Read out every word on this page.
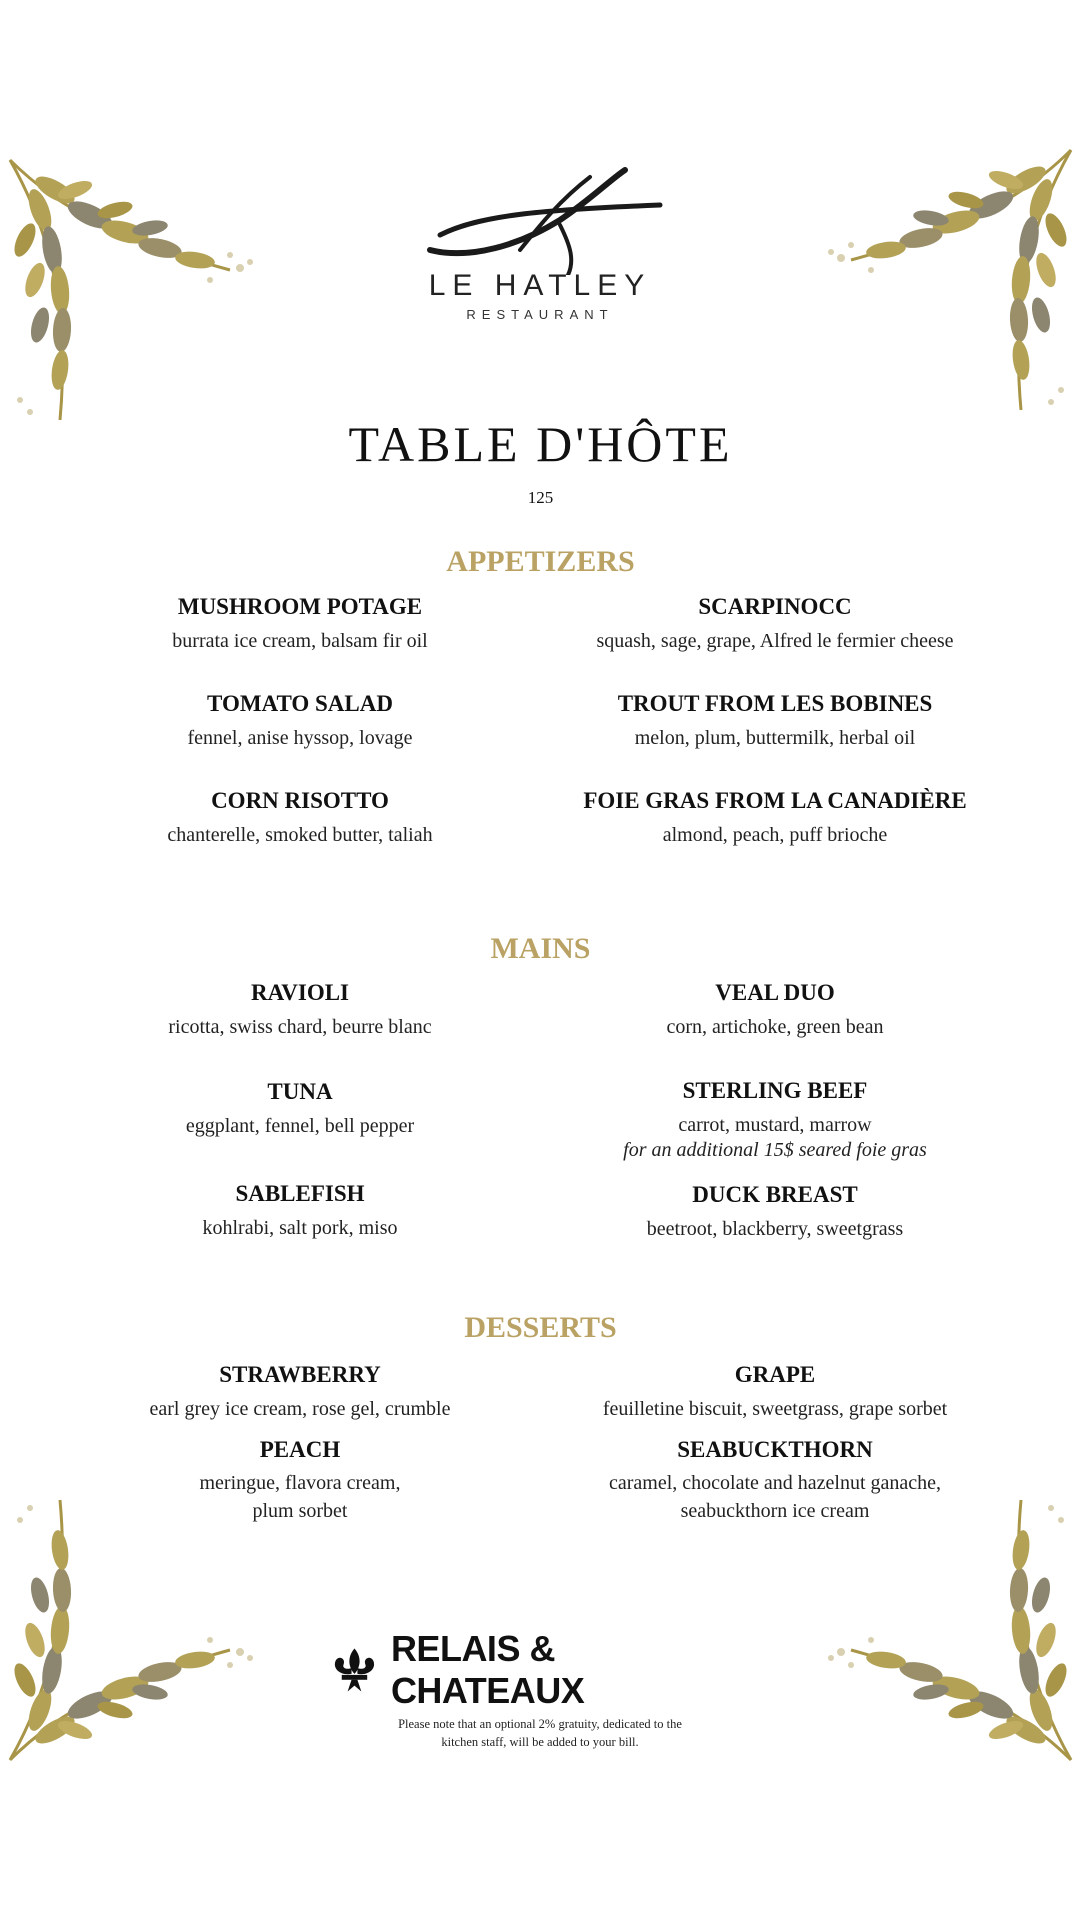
LE HATLEY
RESTAURANT
TABLE D'HÔTE
125
APPETIZERS
MUSHROOM POTAGE
burrata ice cream, balsam fir oil
SCARPINOCC
squash, sage, grape, Alfred le fermier cheese
TOMATO SALAD
fennel, anise hyssop, lovage
TROUT FROM LES BOBINES
melon, plum, buttermilk, herbal oil
CORN RISOTTO
chanterelle, smoked butter, taliah
FOIE GRAS FROM LA CANADIÈRE
almond, peach, puff brioche
MAINS
RAVIOLI
ricotta, swiss chard, beurre blanc
VEAL DUO
corn, artichoke, green bean
TUNA
eggplant, fennel, bell pepper
STERLING BEEF
carrot, mustard, marrow
for an additional 15$ seared foie gras
SABLEFISH
kohlrabi, salt pork, miso
DUCK BREAST
beetroot, blackberry, sweetgrass
DESSERTS
STRAWBERRY
earl grey ice cream, rose gel, crumble
GRAPE
feuilletine biscuit, sweetgrass, grape sorbet
PEACH
meringue, flavora cream,
plum sorbet
SEABUCKTHORN
caramel, chocolate and hazelnut ganache,
seabuckthorn ice cream
RELAIS & CHATEAUX
Please note that an optional 2% gratuity, dedicated to the
kitchen staff, will be added to your bill.
